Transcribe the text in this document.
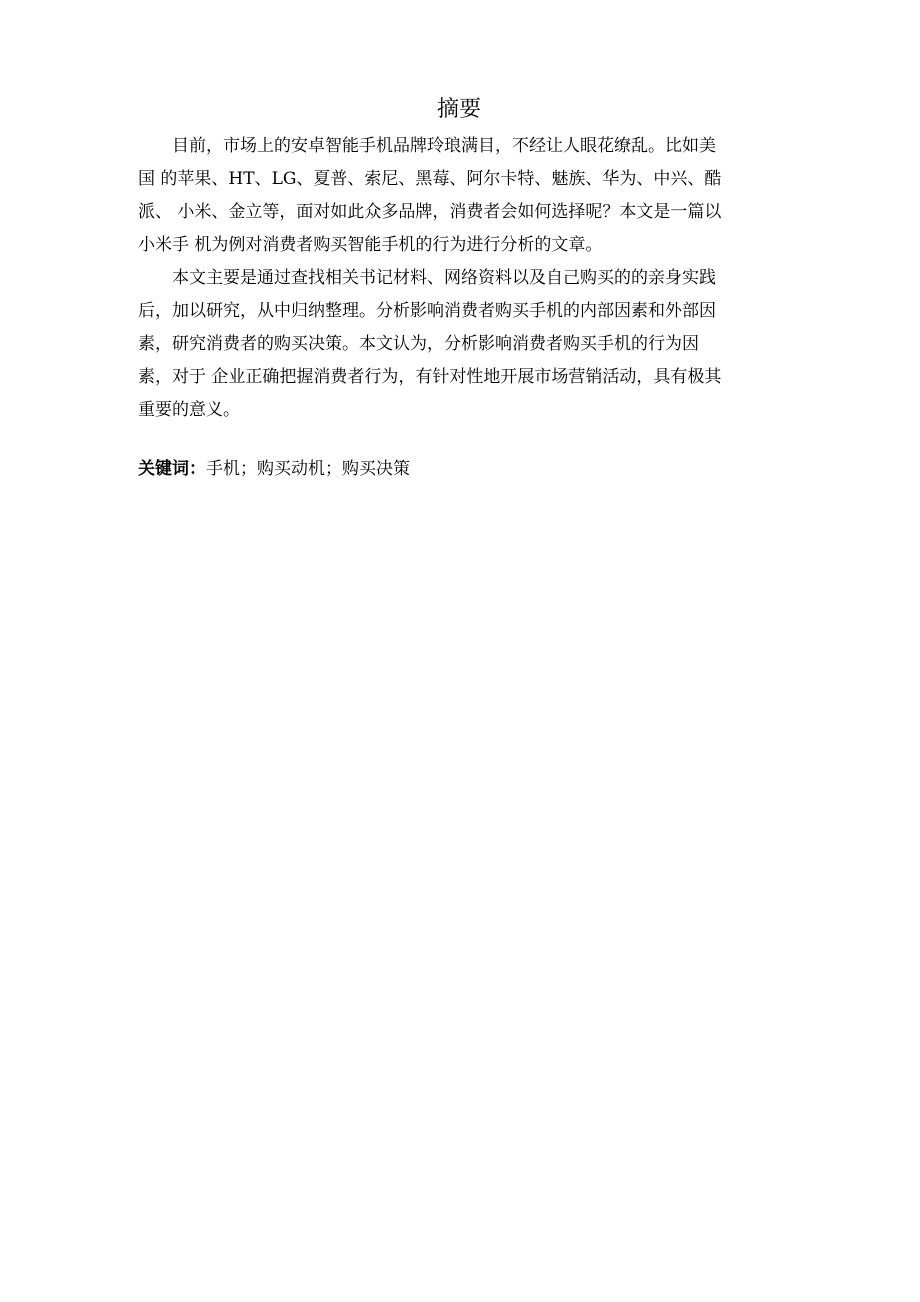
摘要

目前，市场上的安卓智能手机品牌玲琅满目，不经让人眼花缭乱。比如美
国 的苹果、HT、LG、夏普、索尼、黑莓、阿尔卡特、魅族、华为、中兴、酷
派、 小米、金立等，面对如此众多品牌，消费者会如何选择呢？本文是一篇以
小米手 机为例对消费者购买智能手机的行为进行分析的文章。

本文主要是通过查找相关书记材料、网络资料以及自己购买的的亲身实践
后，加以研究，从中归纳整理。分析影响消费者购买手机的内部因素和外部因
素，研究消费者的购买决策。本文认为，分析影响消费者购买手机的行为因
素，对于 企业正确把握消费者行为，有针对性地开展市场营销活动，具有极其
重要的意义。

关键词：手机；购买动机；购买决策
